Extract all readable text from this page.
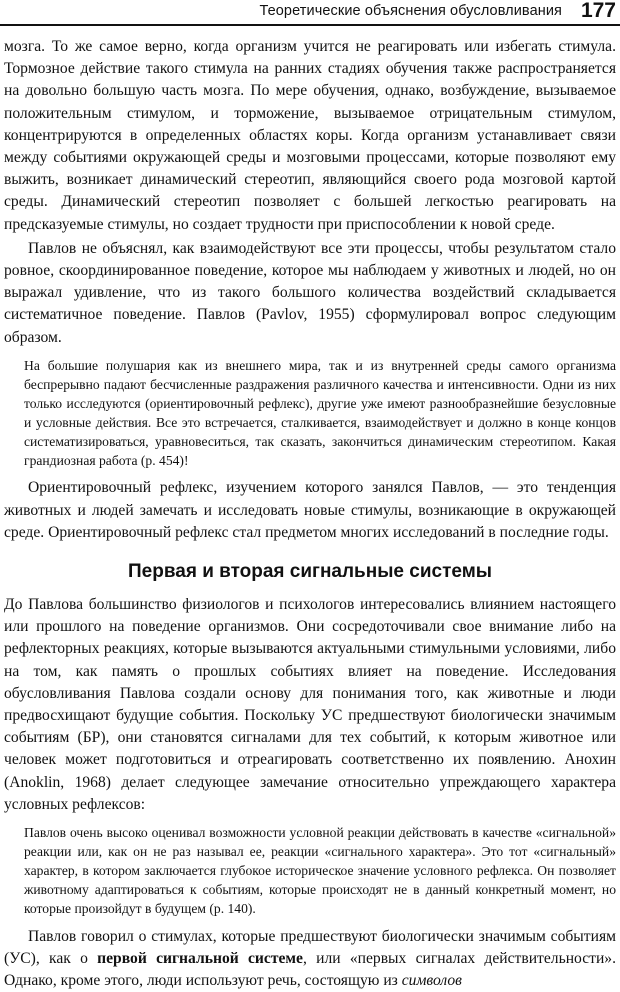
Теоретические объяснения обусловливания 177

мозга. То же самое верно, когда организм учится не реагировать или избегать стимула. Тормозное действие такого стимула на ранних стадиях обучения также распространяется на довольно большую часть мозга. По мере обучения, однако, возбуждение, вызываемое положительным стимулом, и торможение, вызываемое отрицательным стимулом, концентрируются в определенных областях коры. Когда организм устанавливает связи между событиями окружающей среды и мозговыми процессами, которые позволяют ему выжить, возникает динамический стереотип, являющийся своего рода мозговой картой среды. Динамический стереотип позволяет с большей легкостью реагировать на предсказуемые стимулы, но создает трудности при приспособлении к новой среде.

Павлов не объяснял, как взаимодействуют все эти процессы, чтобы результатом стало ровное, скоординированное поведение, которое мы наблюдаем у животных и людей, но он выражал удивление, что из такого большого количества воздействий складывается систематичное поведение. Павлов (Pavlov, 1955) сформулировал вопрос следующим образом.

На большие полушария как из внешнего мира, так и из внутренней среды самого организма беспрерывно падают бесчисленные раздражения различного качества и интенсивности. Одни из них только исследуются (ориентировочный рефлекс), другие уже имеют разнообразнейшие безусловные и условные действия. Все это встречается, сталкивается, взаимодействует и должно в конце концов систематизироваться, уравновеситься, так сказать, закончиться динамическим стереотипом. Какая грандиозная работа (p. 454)!

Ориентировочный рефлекс, изучением которого занялся Павлов, — это тенденция животных и людей замечать и исследовать новые стимулы, возникающие в окружающей среде. Ориентировочный рефлекс стал предметом многих исследований в последние годы.

Первая и вторая сигнальные системы

До Павлова большинство физиологов и психологов интересовались влиянием настоящего или прошлого на поведение организмов. Они сосредоточивали свое внимание либо на рефлекторных реакциях, которые вызываются актуальными стимульными условиями, либо на том, как память о прошлых событиях влияет на поведение. Исследования обусловливания Павлова создали основу для понимания того, как животные и люди предвосхищают будущие события. Поскольку УС предшествуют биологически значимым событиям (БР), они становятся сигналами для тех событий, к которым животное или человек может подготовиться и отреагировать соответственно их появлению. Анохин (Anoklin, 1968) делает следующее замечание относительно упреждающего характера условных рефлексов:

Павлов очень высоко оценивал возможности условной реакции действовать в качестве «сигнальной» реакции или, как он не раз называл ее, реакции «сигнального характера». Это тот «сигнальный» характер, в котором заключается глубокое историческое значение условного рефлекса. Он позволяет животному адаптироваться к событиям, которые происходят не в данный конкретный момент, но которые произойдут в будущем (p. 140).

Павлов говорил о стимулах, которые предшествуют биологически значимым событиям (УС), как о первой сигнальной системе, или «первых сигналах действительности». Однако, кроме этого, люди используют речь, состоящую из символов
